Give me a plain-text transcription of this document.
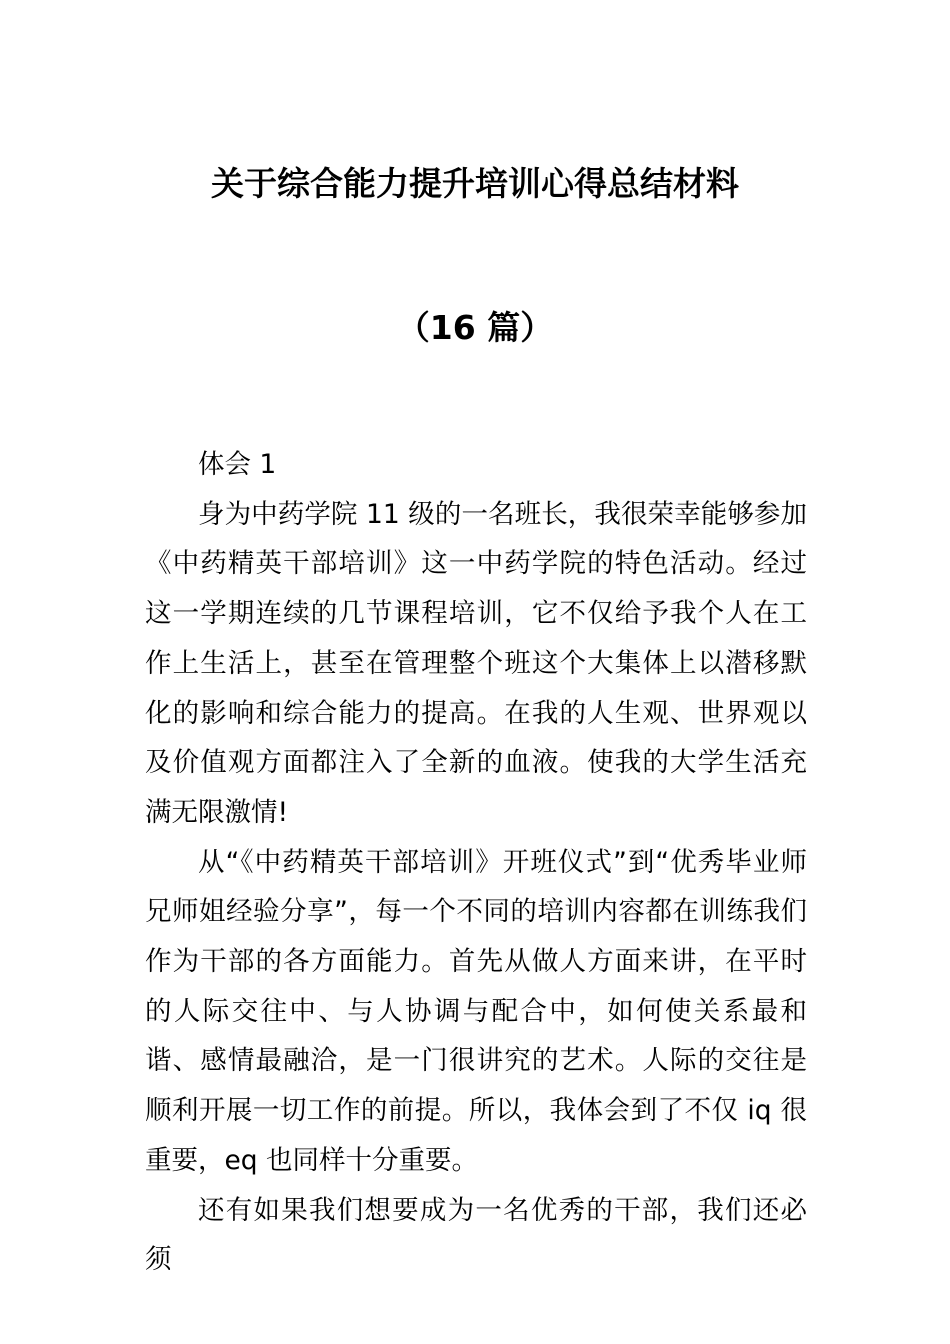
关于综合能力提升培训心得总结材料
（16 篇）

体会 1

身为中药学院 11 级的一名班长，我很荣幸能够参加《中药精英干部培训》这一中药学院的特色活动。经过这一学期连续的几节课程培训，它不仅给予我个人在工作上生活上，甚至在管理整个班这个大集体上以潜移默化的影响和综合能力的提高。在我的人生观、世界观以及价值观方面都注入了全新的血液。使我的大学生活充满无限激情!

从“《中药精英干部培训》开班仪式”到“优秀毕业师兄师姐经验分享”，每一个不同的培训内容都在训练我们作为干部的各方面能力。首先从做人方面来讲，在平时的人际交往中、与人协调与配合中，如何使关系最和谐、感情最融洽，是一门很讲究的艺术。人际的交往是顺利开展一切工作的前提。所以，我体会到了不仅 iq 很重要，eq 也同样十分重要。

还有如果我们想要成为一名优秀的干部，我们还必须
